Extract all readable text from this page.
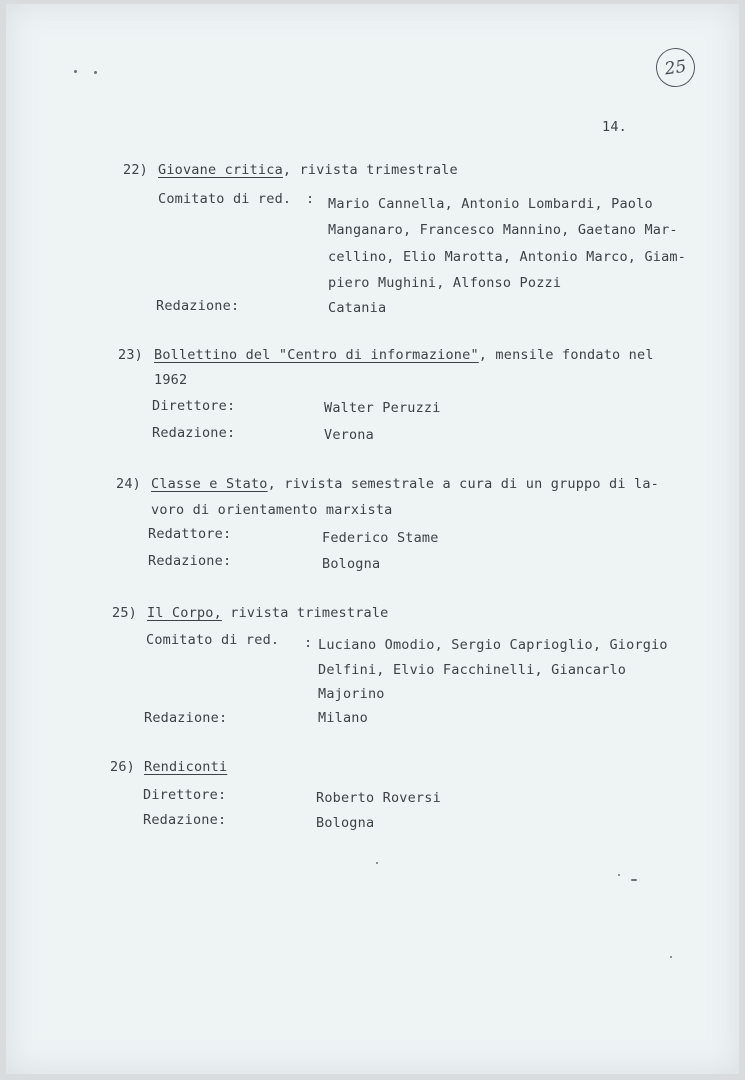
25
14.
22) Giovane critica, rivista trimestrale
Comitato di red. : Mario Cannella, Antonio Lombardi, Paolo
Manganaro, Francesco Mannino, Gaetano Mar-
cellino, Elio Marotta, Antonio Marco, Giam-
piero Mughini, Alfonso Pozzi
Redazione:	Catania
23) Bollettino del "Centro di informazione", mensile fondato nel
1962
Direttore:	Walter Peruzzi
Redazione:	Verona
24) Classe e Stato, rivista semestrale a cura di un gruppo di la-
voro di orientamento marxista
Redattore:	Federico Stame
Redazione:	Bologna
25) Il Corpo, rivista trimestrale
Comitato di red. : Luciano Omodio, Sergio Caprioglio, Giorgio
Delfini, Elvio Facchinelli, Giancarlo
Majorino
Redazione:	Milano
26) Rendiconti
Direttore:	Roberto Roversi
Redazione:	Bologna
